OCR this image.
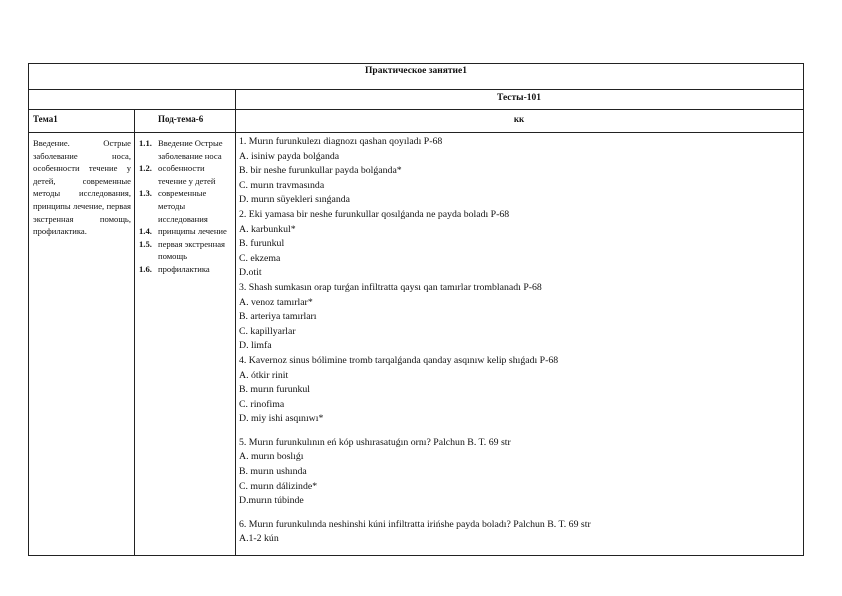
Практическое занятие1
Тесты-101
Тема1	Под-тема-6	кк
Введение. Острые заболевание носа, особенности течение у детей, современные методы исследования, принципы лечение, первая экстренная помощь, профилактика.
1.1. Введение Острые заболевание носа
1.2. особенности течение у детей
1.3. современные методы исследования
1.4. принципы лечение
1.5. первая экстренная помощь
1.6. профилактика
1. Murın furunkulezı diagnozı qashan qoyıladı P-68
A. isiniw payda bolǵanda
B. bir neshe furunkullar payda bolǵanda*
C. murın travmasında
D. murın süyekleri sınǵanda
2. Eki yamasa bir neshe furunkullar qosılǵanda ne payda boladı P-68
A. karbunkul*
B. furunkul
C. ekzema
D.otit
3. Shash sumkasın orap turǵan infiltratta qaysı qan tamırlar tromblanadı P-68
A. venoz tamırlar*
B. arteriya tamırları
C. kapillyarlar
D. limfa
4. Kavernoz sinus bólimine tromb tarqalǵanda qanday asqınıw kelip shıǵadı P-68
A. ótkir rinit
B. murın furunkul
C. rinofima
D. miy ishi asqınıwı*
5. Murın furunkulının eń kóp ushırasatuǵın ornı? Palchun B. T. 69 str
A. murın boslıǵı
B. murın ushında
C. murın dálizinde*
D.murın túbinde
6. Murın furunkulında neshinshi kúni infiltratta irińshe payda boladı? Palchun B. T. 69 str
A.1-2 kún
